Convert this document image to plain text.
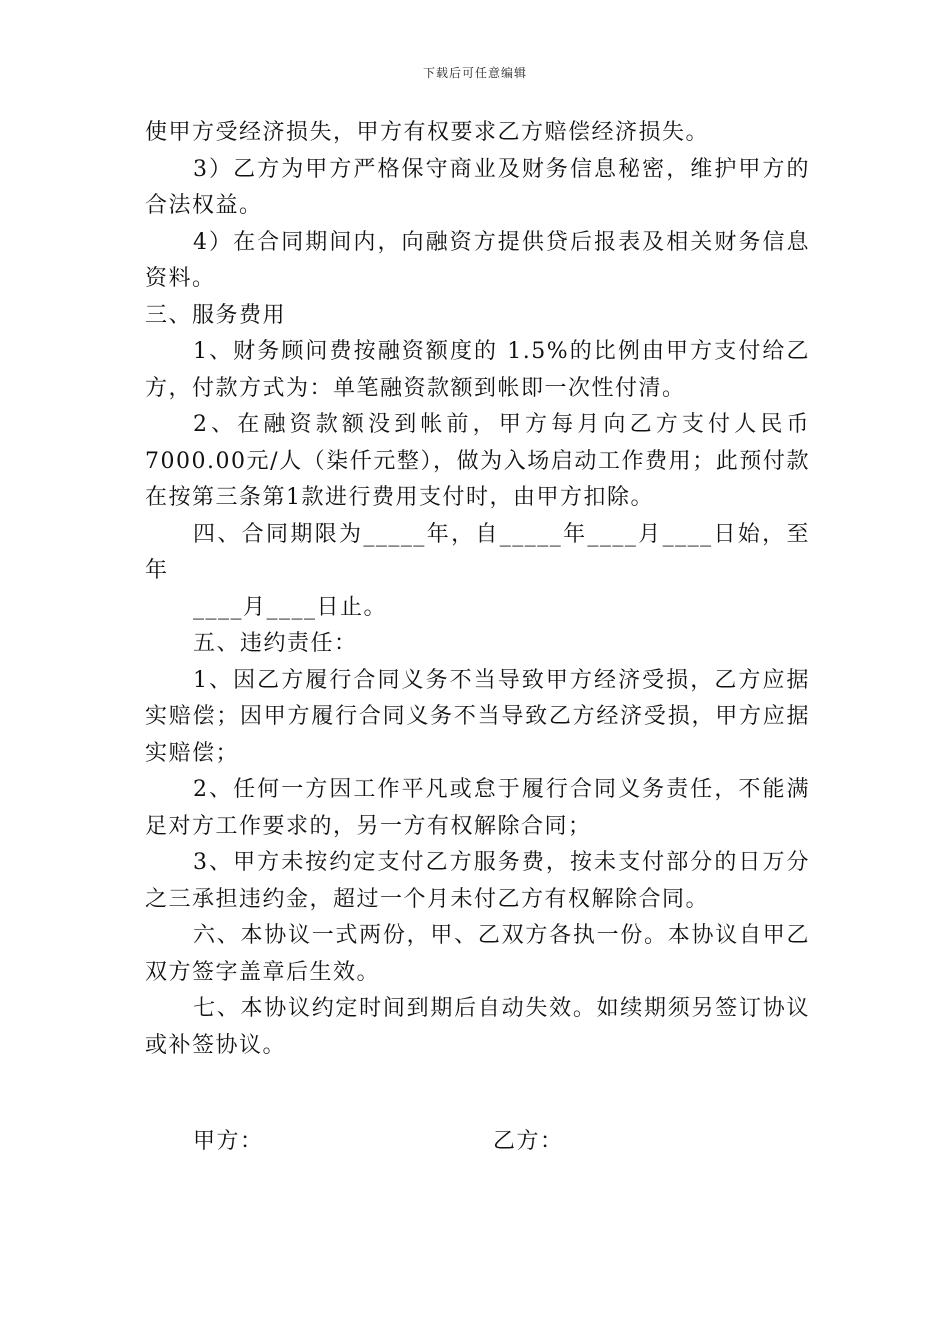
下载后可任意编辑

使甲方受经济损失，甲方有权要求乙方赔偿经济损失。

3）乙方为甲方严格保守商业及财务信息秘密，维护甲方的合法权益。

4）在合同期间内，向融资方提供贷后报表及相关财务信息资料。

三、服务费用

1、财务顾问费按融资额度的 1.5%的比例由甲方支付给乙方，付款方式为：单笔融资款额到帐即一次性付清。

2、在融资款额没到帐前，甲方每月向乙方支付人民币7000.00元/人（柒仟元整），做为入场启动工作费用；此预付款在按第三条第1款进行费用支付时，由甲方扣除。

四、合同期限为_____年，自_____年____月____日始，至年

____月____日止。

五、违约责任：

1、因乙方履行合同义务不当导致甲方经济受损，乙方应据实赔偿；因甲方履行合同义务不当导致乙方经济受损，甲方应据实赔偿；

2、任何一方因工作平凡或怠于履行合同义务责任，不能满足对方工作要求的，另一方有权解除合同；

3、甲方未按约定支付乙方服务费，按未支付部分的日万分之三承担违约金，超过一个月未付乙方有权解除合同。

六、本协议一式两份，甲、乙双方各执一份。本协议自甲乙双方签字盖章后生效。

七、本协议约定时间到期后自动失效。如续期须另签订协议或补签协议。

甲方：	乙方：
